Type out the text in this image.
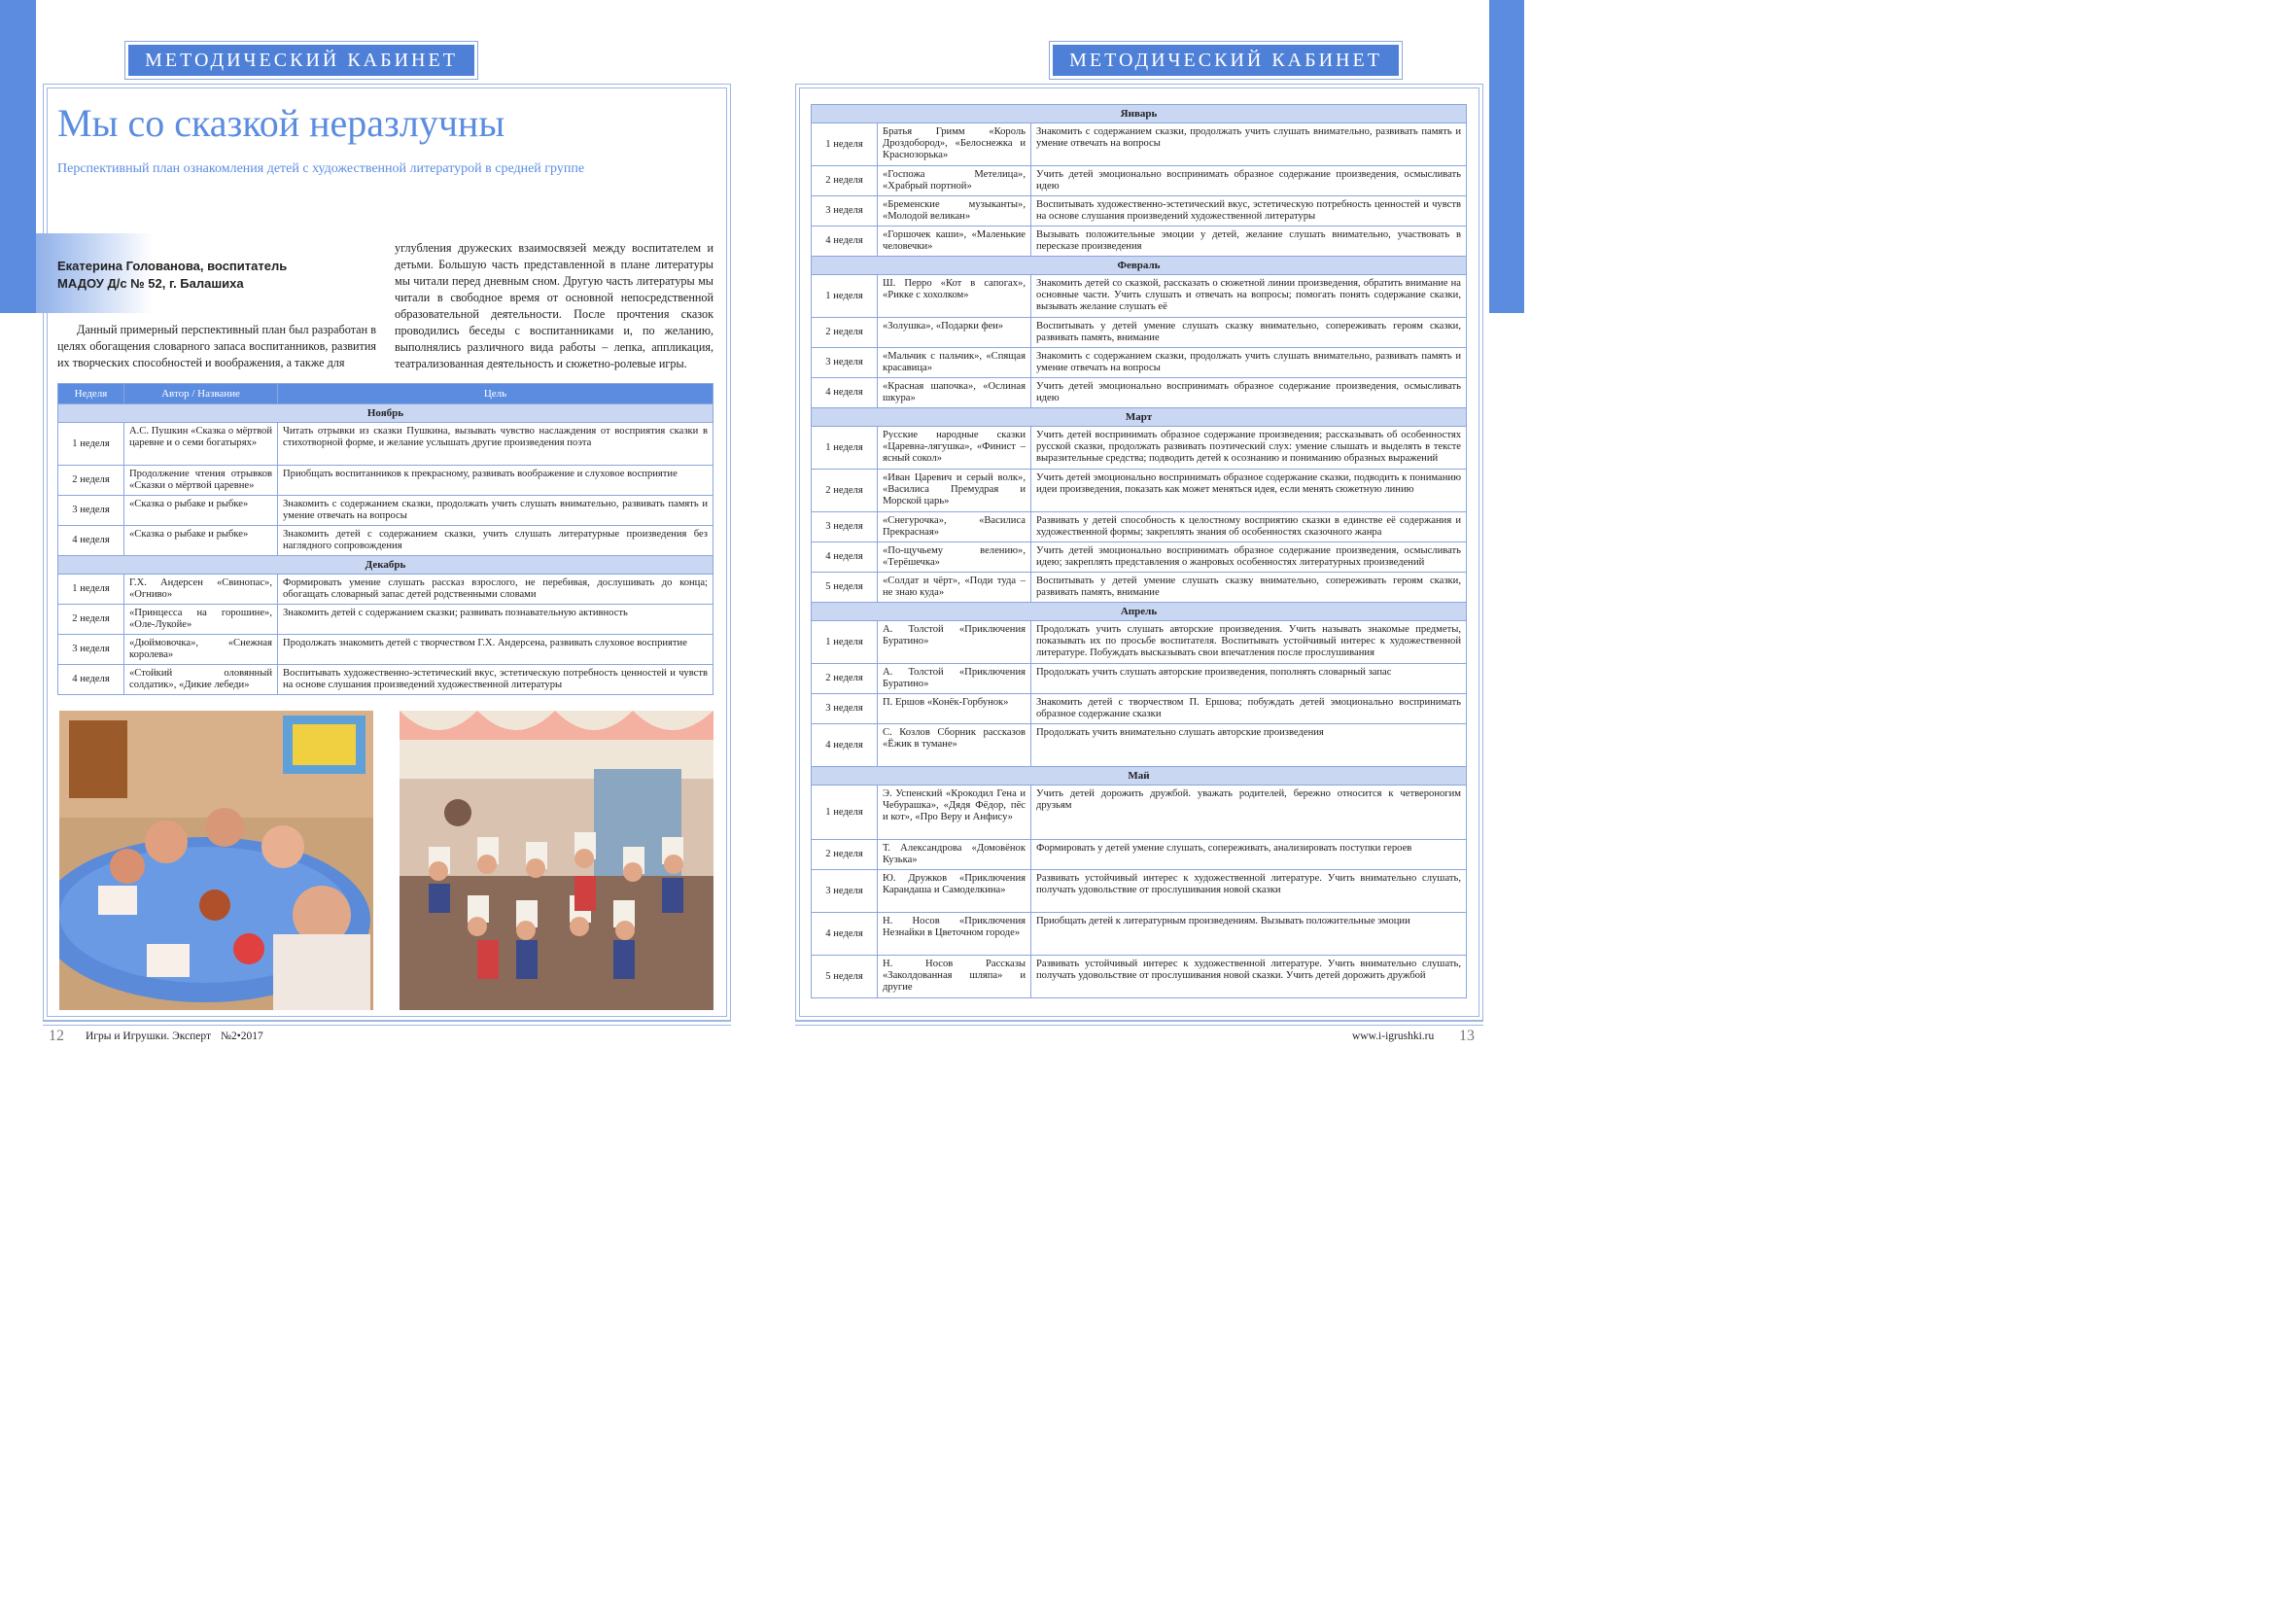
МЕТОДИЧЕСКИЙ КАБИНЕТ	МЕТОДИЧЕСКИЙ КАБИНЕТ
Мы со сказкой неразлучны
Перспективный план ознакомления детей с художественной литературой в средней группе
Екатерина Голованова, воспитатель
МАДОУ Д/с № 52, г. Балашиха

Данный примерный перспективный план был разработан в целях обогащения словарного запаса воспитанников, развития их творческих способностей и воображения, а также для

углубления дружеских взаимосвязей между воспитателем и детьми. Большую часть представленной в плане литературы мы читали перед дневным сном. Другую часть литературы мы читали в свободное время от основной непосредственной образовательной деятельности. После прочтения сказок проводились беседы с воспитанниками и, по желанию, выполнялись различного вида работы – лепка, аппликация, театрализованная деятельность и сюжетно-ролевые игры.

Неделя	Автор / Название	Цель
Ноябрь		
1 неделя	А.С. Пушкин «Сказка о мёртвой царевне и о семи богатырях»	Читать отрывки из сказки Пушкина, вызывать чувство наслаждения от восприятия сказки в стихотворной форме, и желание услышать другие произведения поэта
2 неделя	Продолжение чтения отрывков «Сказки о мёртвой царевне»	Приобщать воспитанников к прекрасному, развивать воображение и слуховое восприятие
3 неделя	«Сказка о рыбаке и рыбке»	Знакомить с содержанием сказки, продолжать учить слушать внимательно, развивать память и умение отвечать на вопросы
4 неделя	«Сказка о рыбаке и рыбке»	Знакомить детей с содержанием сказки, учить слушать литературные произведения без наглядного сопровождения
Декабрь		
1 неделя	Г.Х. Андерсен «Свинопас», «Огниво»	Формировать умение слушать рассказ взрослого, не перебивая, дослушивать до конца; обогащать словарный запас детей родственными словами
2 неделя	«Принцесса на горошине», «Оле-Лукойе»	Знакомить детей с содержанием сказки; развивать познавательную активность
3 неделя	«Дюймовочка», «Снежная королева»	Продолжать знакомить детей с творчеством Г.Х. Андерсена, развивать слуховое восприятие
4 неделя	«Стойкий оловянный солдатик», «Дикие лебеди»	Воспитывать художественно-эстетический вкус, эстетическую потребность ценностей и чувств на основе слушания произведений художественной литературы
Январь		
1 неделя	Братья Гримм «Король Дроздобород», «Белоснежка и Краснозорька»	Знакомить с содержанием сказки, продолжать учить слушать внимательно, развивать память и умение отвечать на вопросы
2 неделя	«Госпожа Метелица», «Храбрый портной»	Учить детей эмоционально воспринимать образное содержание произведения, осмысливать идею
3 неделя	«Бременские музыканты», «Молодой великан»	Воспитывать художественно-эстетический вкус, эстетическую потребность ценностей и чувств на основе слушания произведений художественной литературы
4 неделя	«Горшочек каши», «Маленькие человечки»	Вызывать положительные эмоции у детей, желание слушать внимательно, участвовать в пересказе произведения
Февраль		
1 неделя	Ш. Перро «Кот в сапогах», «Рикке с хохолком»	Знакомить детей со сказкой, рассказать о сюжетной линии произведения, обратить внимание на основные части. Учить слушать и отвечать на вопросы; помогать понять содержание сказки, вызывать желание слушать её
2 неделя	«Золушка», «Подарки феи»	Воспитывать у детей умение слушать сказку внимательно, сопереживать героям сказки, развивать память, внимание
3 неделя	«Мальчик с пальчик», «Спящая красавица»	Знакомить с содержанием сказки, продолжать учить слушать внимательно, развивать память и умение отвечать на вопросы
4 неделя	«Красная шапочка», «Ослиная шкура»	Учить детей эмоционально воспринимать образное содержание произведения, осмысливать идею
Март		
1 неделя	Русские народные сказки «Царевна-лягушка», «Финист – ясный сокол»	Учить детей воспринимать образное содержание произведения; рассказывать об особенностях русской сказки, продолжать развивать поэтический слух: умение слышать и выделять в тексте выразительные средства; подводить детей к осознанию и пониманию образных выражений
2 неделя	«Иван Царевич и серый волк», «Василиса Премудрая и Морской царь»	Учить детей эмоционально воспринимать образное содержание сказки, подводить к пониманию идеи произведения, показать как может меняться идея, если менять сюжетную линию
3 неделя	«Снегурочка», «Василиса Прекрасная»	Развивать у детей способность к целостному восприятию сказки в единстве её содержания и художественной формы; закреплять знания об особенностях сказочного жанра
4 неделя	«По-щучьему велению», «Терёшечка»	Учить детей эмоционально воспринимать образное содержание произведения, осмысливать идею; закреплять представления о жанровых особенностях литературных произведений
5 неделя	«Солдат и чёрт», «Поди туда – не знаю куда»	Воспитывать у детей умение слушать сказку внимательно, сопереживать героям сказки, развивать память, внимание
Апрель		
1 неделя	А. Толстой «Приключения Буратино»	Продолжать учить слушать авторские произведения. Учить называть знакомые предметы, показывать их по просьбе воспитателя. Воспитывать устойчивый интерес к художественной литературе. Побуждать высказывать свои впечатления после прослушивания
2 неделя	А. Толстой «Приключения Буратино»	Продолжать учить слушать авторские произведения, пополнять словарный запас
3 неделя	П. Ершов «Конёк-Горбунок»	Знакомить детей с творчеством П. Ершова; побуждать детей эмоционально воспринимать образное содержание сказки
4 неделя	С. Козлов Сборник рассказов «Ёжик в тумане»	Продолжать учить внимательно слушать авторские произведения
Май		
1 неделя	Э. Успенский «Крокодил Гена и Чебурашка», «Дядя Фёдор, пёс и кот», «Про Веру и Анфису»	Учить детей дорожить дружбой. уважать родителей, бережно относится к четвероногим друзьям
2 неделя	Т. Александрова «Домовёнок Кузька»	Формировать у детей умение слушать, сопереживать, анализировать поступки героев
3 неделя	Ю. Дружков «Приключения Карандаша и Самоделкина»	Развивать устойчивый интерес к художественной литературе. Учить внимательно слушать, получать удовольствие от прослушивания новой сказки
4 неделя	Н. Носов «Приключения Незнайки в Цветочном городе»	Приобщать детей к литературным произведениям. Вызывать положительные эмоции
5 неделя	Н. Носов Рассказы «Заколдованная шляпа» и другие	Развивать устойчивый интерес к художественной литературе. Учить внимательно слушать, получать удовольствие от прослушивания новой сказки. Учить детей дорожить дружбой
12 Игры и Игрушки. Эксперт №2•2017	www.i-igrushki.ru 13
